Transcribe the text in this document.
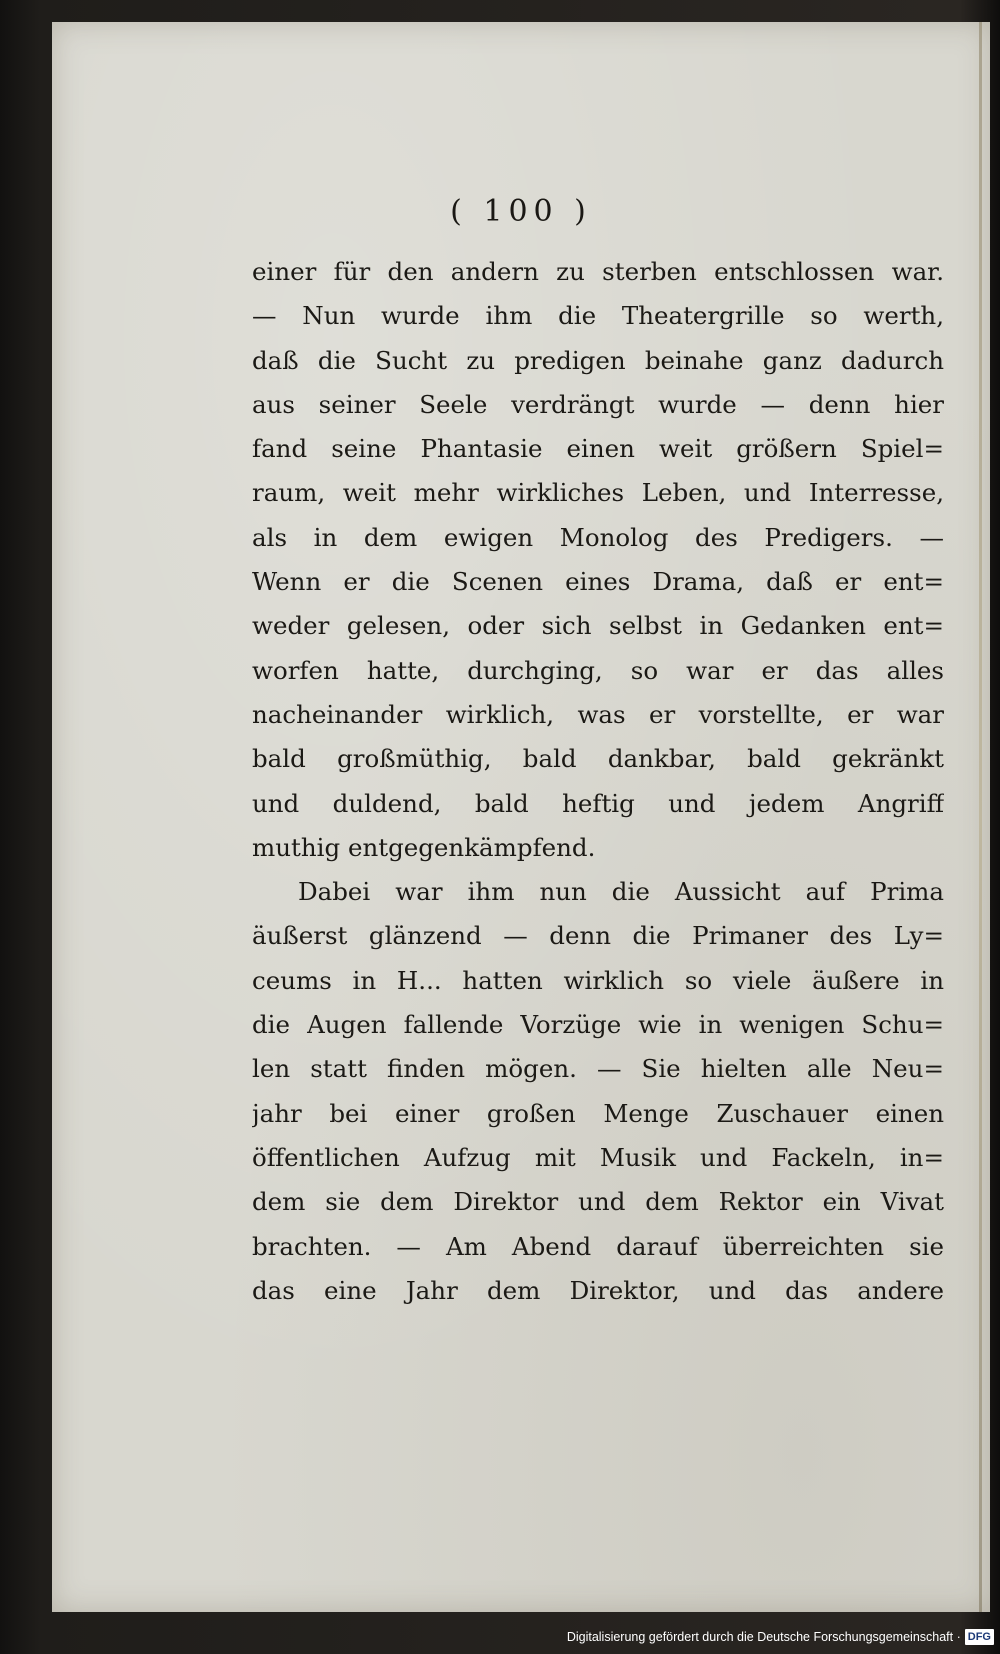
( 100 )
einer für den andern zu sterben entschlossen war.
— Nun wurde ihm die Theatergrille so werth,
daß die Sucht zu predigen beinahe ganz dadurch
aus seiner Seele verdrängt wurde — denn hier
fand seine Phantasie einen weit größern Spiel=
raum, weit mehr wirkliches Leben, und Interresse,
als in dem ewigen Monolog des Predigers. —
Wenn er die Scenen eines Drama, daß er ent=
weder gelesen, oder sich selbst in Gedanken ent=
worfen hatte, durchging, so war er das alles
nacheinander wirklich, was er vorstellte, er war
bald großmüthig, bald dankbar, bald gekränkt
und duldend, bald heftig und jedem Angriff
muthig entgegenkämpfend.
Dabei war ihm nun die Aussicht auf Prima
äußerst glänzend — denn die Primaner des Ly=
ceums in H... hatten wirklich so viele äußere in
die Augen fallende Vorzüge wie in wenigen Schu=
len statt finden mögen. — Sie hielten alle Neu=
jahr bei einer großen Menge Zuschauer einen
öffentlichen Aufzug mit Musik und Fackeln, in=
dem sie dem Direktor und dem Rektor ein Vivat
brachten. — Am Abend darauf überreichten sie
das eine Jahr dem Direktor, und das andere
Digitalisierung gefördert durch die Deutsche Forschungsgemeinschaft · DFG
